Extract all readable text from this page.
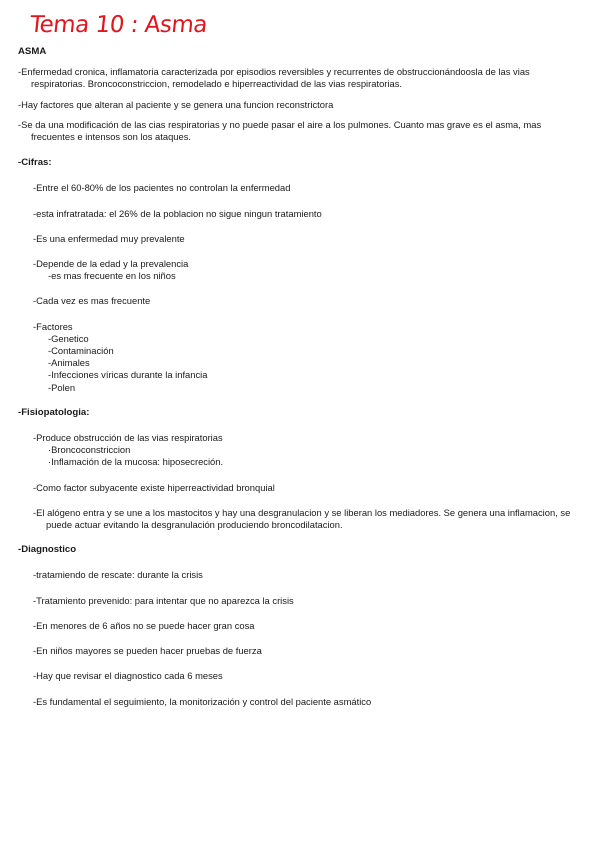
Tema 10 : Asma
ASMA
-Enfermedad cronica, inflamatoria caracterizada por episodios reversibles y recurrentes de obstruccionándoosla de las vias respiratorias. Broncoconstriccion, remodelado e hiperreactividad de las vias respiratorias.
-Hay factores que alteran al paciente y se genera una funcion reconstrictora
-Se da una modificación de las cias respiratorias y no puede pasar el aire a los pulmones. Cuanto mas grave es el asma, mas frecuentes e intensos son los ataques.
-Cifras:
-Entre el 60-80% de los pacientes no controlan la enfermedad
-esta infratratada: el 26% de la poblacion no sigue ningun tratamiento
-Es una enfermedad muy prevalente
-Depende de la edad y la prevalencia
-es mas frecuente en los niños
-Cada vez es mas frecuente
-Factores
-Genetico
-Contaminación
-Animales
-Infecciones víricas durante la infancia
-Polen
-Fisiopatologia:
-Produce obstrucción de las vias respiratorias
·Broncoconstriccion
·Inflamación de la mucosa: hiposecreción.
-Como factor subyacente existe hiperreactividad bronquial
-El alógeno entra y se une a los mastocitos y hay una desgranulacion y se liberan los mediadores. Se genera una inflamacion, se puede actuar evitando la desgranulación produciendo broncodilatacion.
-Diagnostico
-tratamiendo de rescate: durante la crisis
-Tratamiento prevenido: para intentar que no aparezca la crisis
-En menores de 6 años no se puede hacer gran cosa
-En niños mayores se pueden hacer pruebas de fuerza
-Hay que revisar el diagnostico cada 6 meses
-Es fundamental el seguimiento, la monitorización y control del paciente asmático
